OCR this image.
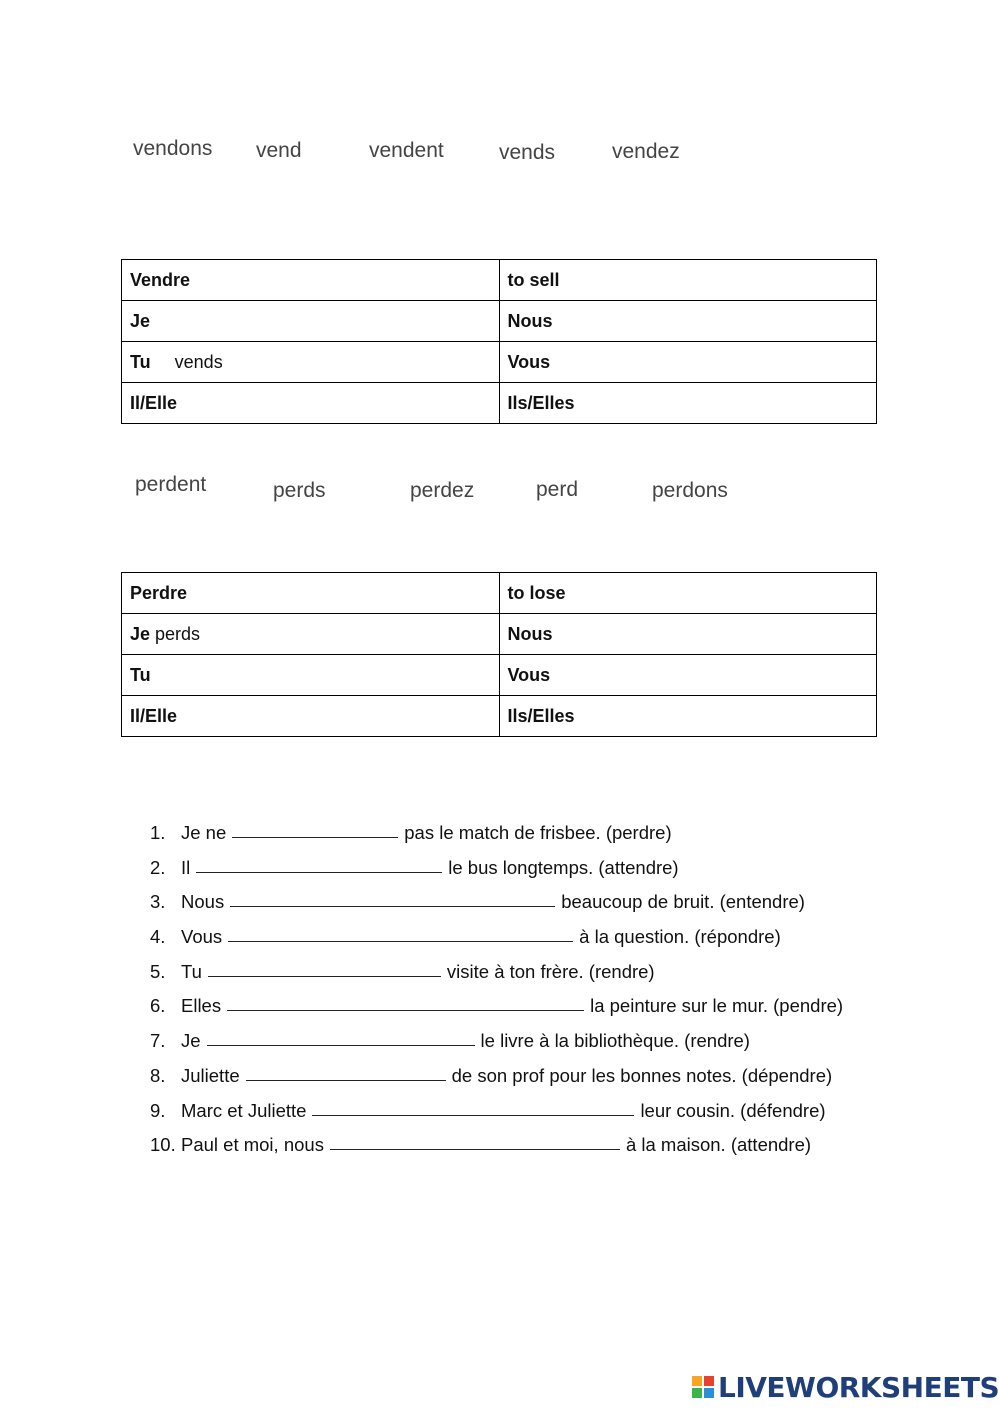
vendons vend	vendent	vends	vendez
Vendre	to sell
Je	Nous
Tu vends	Vous
Il/Elle	Ils/Elles
perdent	perds	perdez	perd	perdons
Perdre	to lose
Je perds	Nous
Tu	Vous
Il/Elle	Ils/Elles
1. Je ne	pas le match de frisbee. (perdre)
2. Il	le bus longtemps. (attendre)
3. Nous	beaucoup de bruit. (entendre)
4. Vous	à la question. (répondre)
5. Tu	visite à ton frère. (rendre)
6. Elles	la peinture sur le mur. (pendre)
7. Je	le livre à la bibliothèque. (rendre)
8. Juliette	de son prof pour les bonnes notes. (dépendre)
9. Marc et Juliette	leur cousin. (défendre)
10. Paul et moi, nous	à la maison. (attendre)
LIVEWORKSHEETS
